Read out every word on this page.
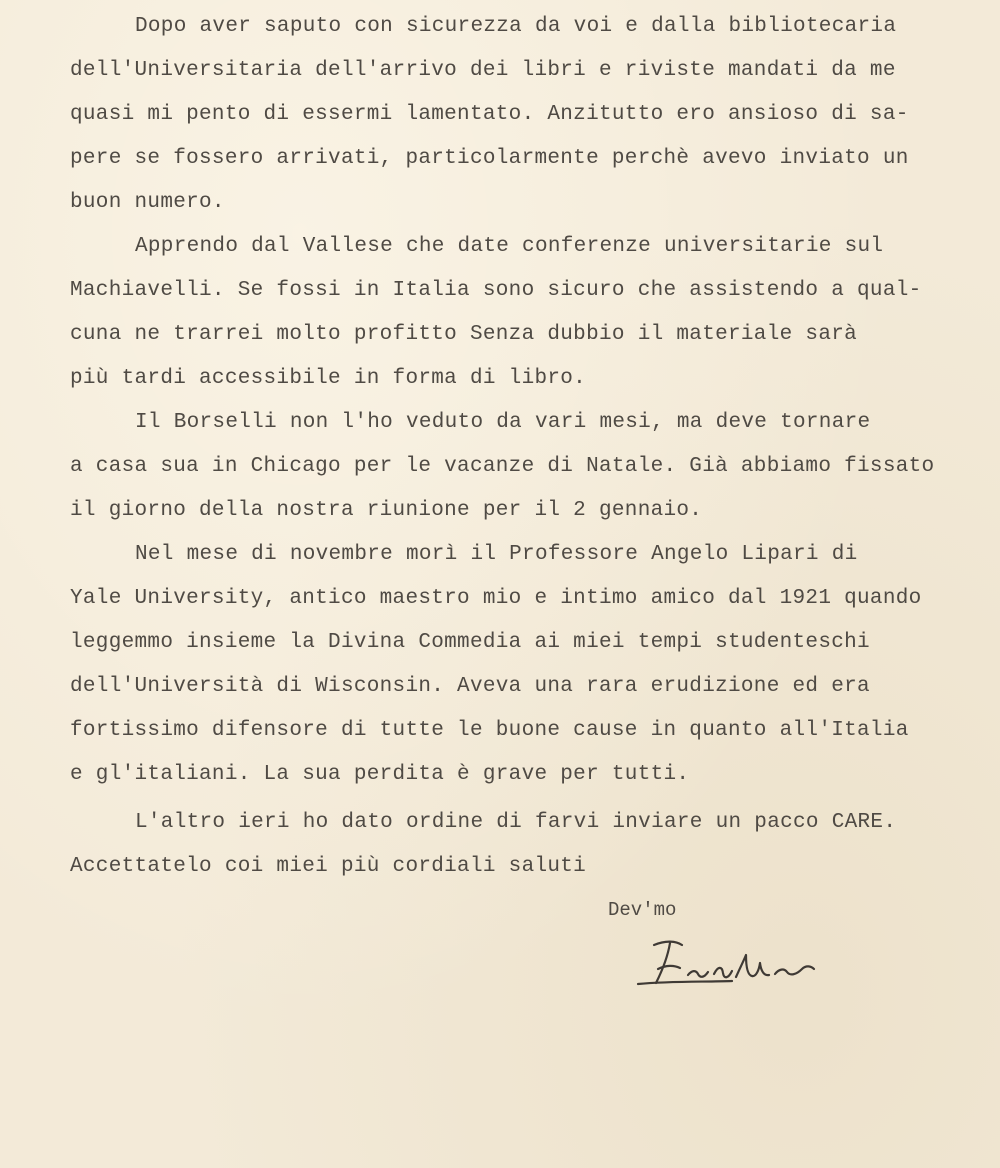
Dopo aver saputo con sicurezza da voi e dalla bibliotecaria

dell'Universitaria dell'arrivo dei libri e riviste mandati da me

quasi mi pento di essermi lamentato. Anzitutto ero ansioso di sa-

pere se fossero arrivati, particolarmente perchè avevo inviato un

buon numero.

Apprendo dal Vallese che date conferenze universitarie sul

Machiavelli. Se fossi in Italia sono sicuro che assistendo a qual-

cuna ne trarrei molto profitto Senza dubbio il materiale sarà

più tardi accessibile in forma di libro.

Il Borselli non l'ho veduto da vari mesi, ma deve tornare

a casa sua in Chicago per le vacanze di Natale. Già abbiamo fissato

il giorno della nostra riunione per il 2 gennaio.

Nel mese di novembre morì il Professore Angelo Lipari di

Yale University, antico maestro mio e intimo amico dal 1921 quando

leggemmo insieme la Divina Commedia ai miei tempi studenteschi

dell'Università di Wisconsin. Aveva una rara erudizione ed era

fortissimo difensore di tutte le buone cause in quanto all'Italia

e gl'italiani. La sua perdita è grave per tutti.

L'altro ieri ho dato ordine di farvi inviare un pacco CARE.

Accettatelo coi miei più cordiali saluti

Dev'mo
